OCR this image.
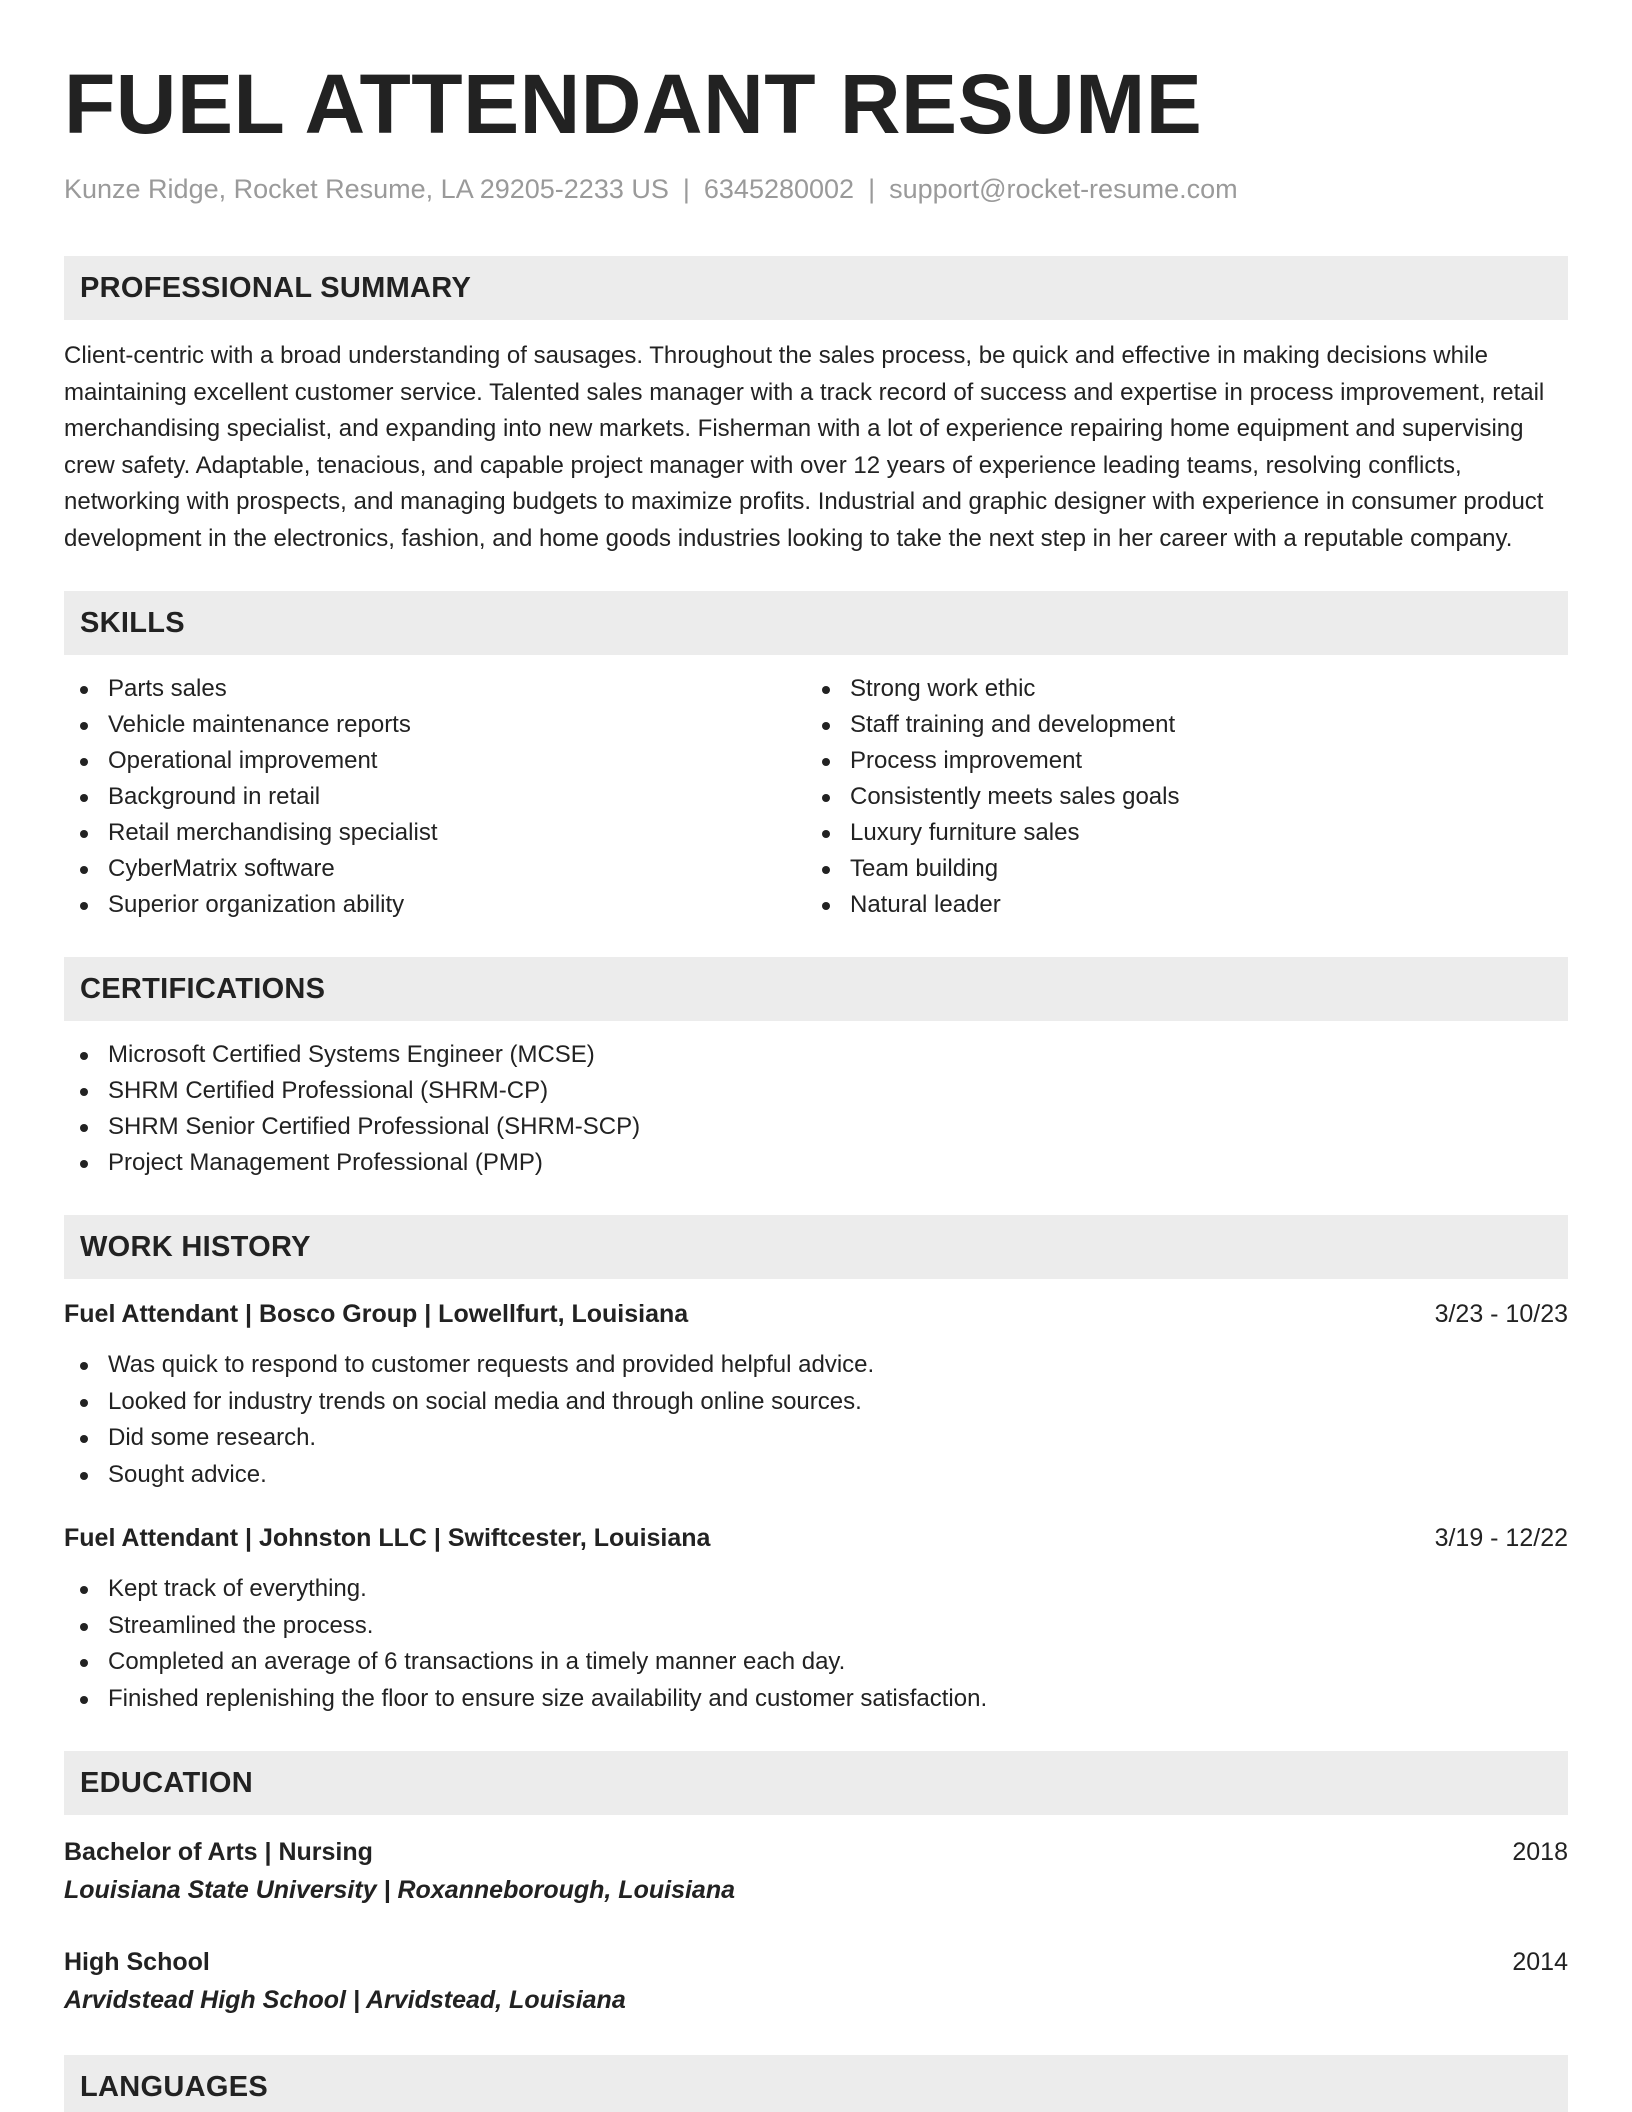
FUEL ATTENDANT RESUME
Kunze Ridge, Rocket Resume, LA 29205-2233 US | 6345280002 | support@rocket-resume.com
PROFESSIONAL SUMMARY
Client-centric with a broad understanding of sausages. Throughout the sales process, be quick and effective in making decisions while maintaining excellent customer service. Talented sales manager with a track record of success and expertise in process improvement, retail merchandising specialist, and expanding into new markets. Fisherman with a lot of experience repairing home equipment and supervising crew safety. Adaptable, tenacious, and capable project manager with over 12 years of experience leading teams, resolving conflicts, networking with prospects, and managing budgets to maximize profits. Industrial and graphic designer with experience in consumer product development in the electronics, fashion, and home goods industries looking to take the next step in her career with a reputable company.
SKILLS
Parts sales
Vehicle maintenance reports
Operational improvement
Background in retail
Retail merchandising specialist
CyberMatrix software
Superior organization ability
Strong work ethic
Staff training and development
Process improvement
Consistently meets sales goals
Luxury furniture sales
Team building
Natural leader
CERTIFICATIONS
Microsoft Certified Systems Engineer (MCSE)
SHRM Certified Professional (SHRM-CP)
SHRM Senior Certified Professional (SHRM-SCP)
Project Management Professional (PMP)
WORK HISTORY
Fuel Attendant | Bosco Group | Lowellfurt, Louisiana	3/23 - 10/23
Was quick to respond to customer requests and provided helpful advice.
Looked for industry trends on social media and through online sources.
Did some research.
Sought advice.
Fuel Attendant | Johnston LLC | Swiftcester, Louisiana	3/19 - 12/22
Kept track of everything.
Streamlined the process.
Completed an average of 6 transactions in a timely manner each day.
Finished replenishing the floor to ensure size availability and customer satisfaction.
EDUCATION
Bachelor of Arts | Nursing	2018
Louisiana State University | Roxanneborough, Louisiana
High School	2014
Arvidstead High School | Arvidstead, Louisiana
LANGUAGES
